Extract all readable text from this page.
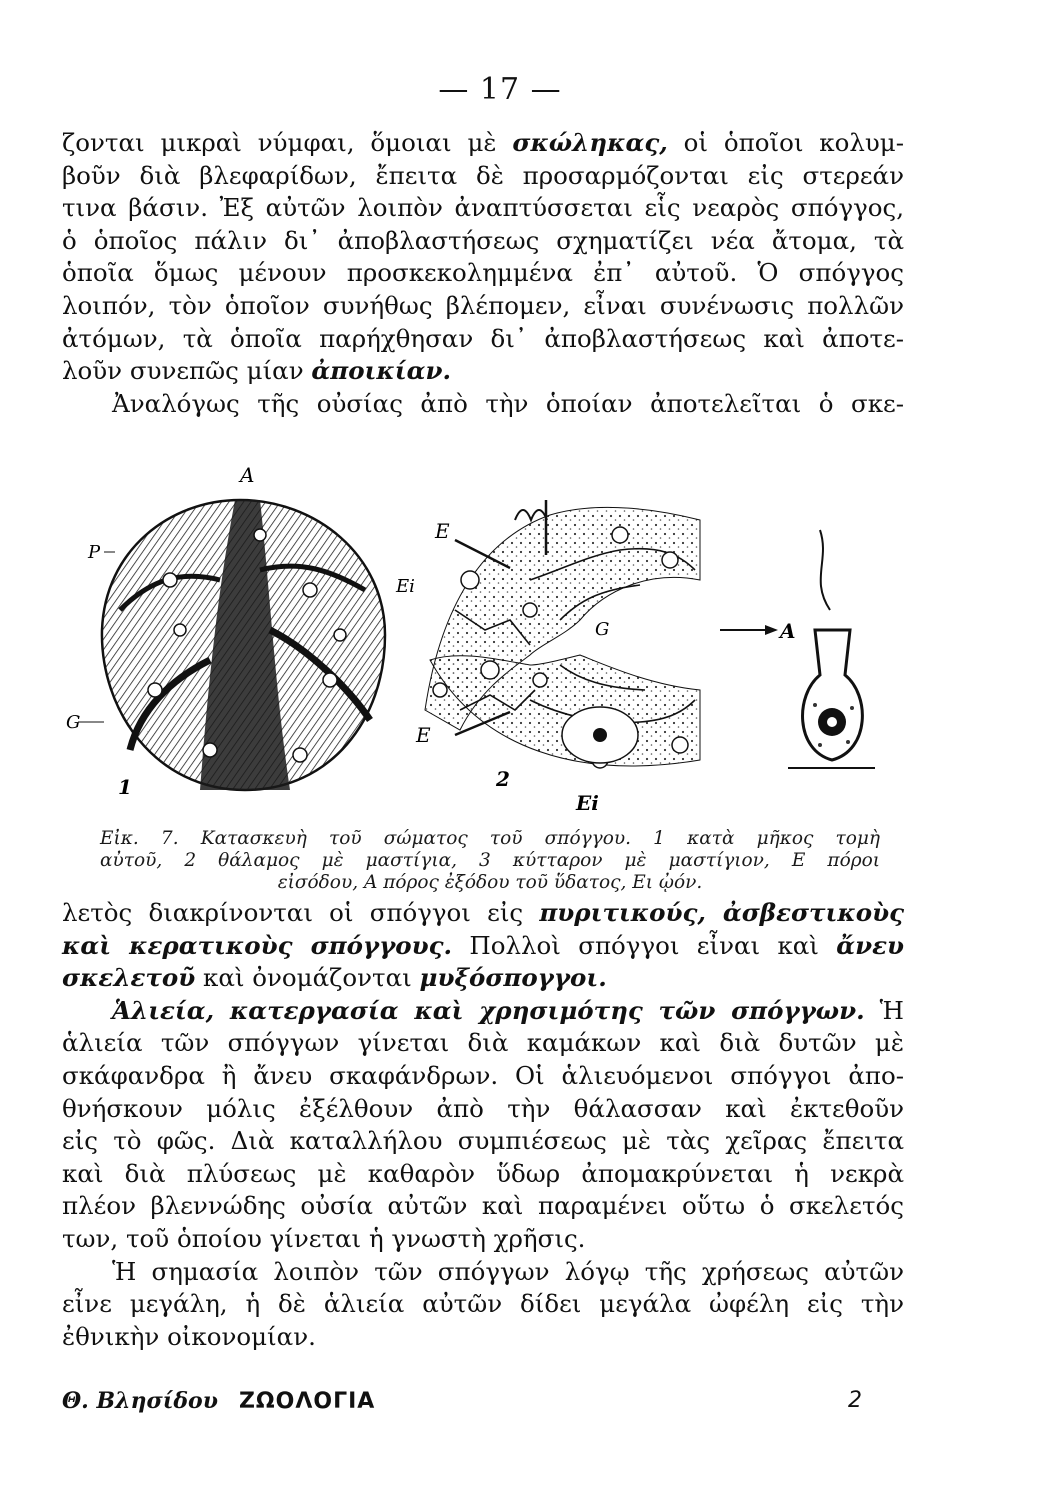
— 17 —
ζονται μικραὶ νύμφαι, ὅμοιαι μὲ σκώληκας, οἱ ὁποῖοι κολυμ-
βοῦν διὰ βλεφαρίδων, ἔπειτα δὲ προσαρμόζονται εἰς στερεάν
τινα βάσιν. Ἐξ αὐτῶν λοιπὸν ἀναπτύσσεται εἷς νεαρὸς σπόγγος,
ὁ ὁποῖος πάλιν δι᾽ ἀποβλαστήσεως σχηματίζει νέα ἄτομα, τὰ
ὁποῖα ὅμως μένουν προσκεκολημμένα ἐπ᾽ αὐτοῦ. Ὁ σπόγγος
λοιπόν, τὸν ὁποῖον συνήθως βλέπομεν, εἶναι συνένωσις πολλῶν
ἀτόμων, τὰ ὁποῖα παρήχθησαν δι᾽ ἀποβλαστήσεως καὶ ἀποτε-
λοῦν συνεπῶς μίαν ἀποικίαν.
Ἀναλόγως τῆς οὐσίας ἀπὸ τὴν ὁποίαν ἀποτελεῖται ὁ σκε-
A
P
G
1
E
Ei
G	A
E
2
Ei
Εἰκ. 7. Κατασκευὴ τοῦ σώματος τοῦ σπόγγου. 1 κατὰ μῆκος τομὴ
αὐτοῦ, 2 θάλαμος μὲ μαστίγια, 3 κύτταρον μὲ μαστίγιον, Ε πόροι
εἰσόδου, Α πόρος ἐξόδου τοῦ ὕδατος, Ει ᾠόν.
λετὸς διακρίνονται οἱ σπόγγοι εἰς πυριτικούς, ἀσβεστικοὺς
καὶ κερατικοὺς σπόγγους. Πολλοὶ σπόγγοι εἶναι καὶ ἄνευ
σκελετοῦ καὶ ὀνομάζονται μυξόσπογγοι.
Ἁλιεία, κατεργασία καὶ χρησιμότης τῶν σπόγγων. Ἡ
ἁλιεία τῶν σπόγγων γίνεται διὰ καμάκων καὶ διὰ δυτῶν μὲ
σκάφανδρα ἢ ἄνευ σκαφάνδρων. Οἱ ἁλιευόμενοι σπόγγοι ἀπο-
θνήσκουν μόλις ἐξέλθουν ἀπὸ τὴν θάλασσαν καὶ ἐκτεθοῦν
εἰς τὸ φῶς. Διὰ καταλλήλου συμπιέσεως μὲ τὰς χεῖρας ἔπειτα
καὶ διὰ πλύσεως μὲ καθαρὸν ὕδωρ ἀπομακρύνεται ἡ νεκρὰ
πλέον βλεννώδης οὐσία αὐτῶν καὶ παραμένει οὕτω ὁ σκελετός
των, τοῦ ὁποίου γίνεται ἡ γνωστὴ χρῆσις.
Ἡ σημασία λοιπὸν τῶν σπόγγων λόγῳ τῆς χρήσεως αὐτῶν
εἶνε μεγάλη, ἡ δὲ ἁλιεία αὐτῶν δίδει μεγάλα ὠφέλη εἰς τὴν
ἐθνικὴν οἰκονομίαν.
Θ. Βλησίδου ΖΩΟΛΟΓΙΑ	2
